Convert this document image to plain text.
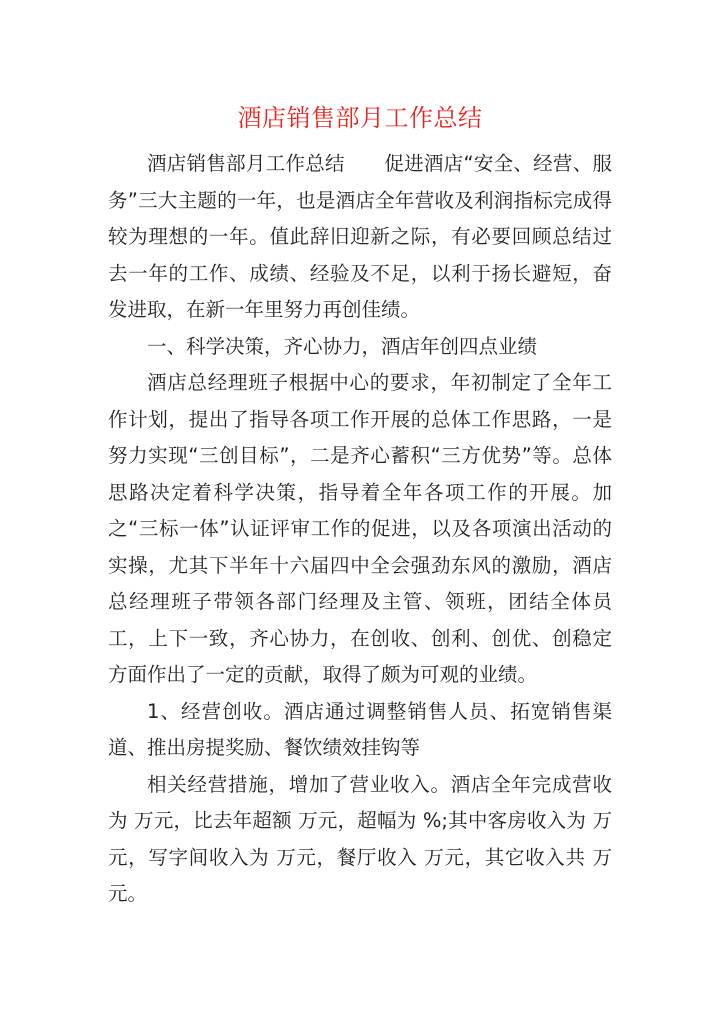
酒店销售部月工作总结

酒店销售部月工作总结　　促进酒店“安全、经营、服务”三大主题的一年，也是酒店全年营收及利润指标完成得较为理想的一年。值此辞旧迎新之际，有必要回顾总结过去一年的工作、成绩、经验及不足，以利于扬长避短，奋发进取，在新一年里努力再创佳绩。

一、科学决策，齐心协力，酒店年创四点业绩

酒店总经理班子根据中心的要求，年初制定了全年工作计划，提出了指导各项工作开展的总体工作思路，一是努力实现“三创目标”，二是齐心蓄积“三方优势”等。总体思路决定着科学决策，指导着全年各项工作的开展。加之“三标一体”认证评审工作的促进，以及各项演出活动的实操，尤其下半年十六届四中全会强劲东风的激励，酒店总经理班子带领各部门经理及主管、领班，团结全体员工，上下一致，齐心协力，在创收、创利、创优、创稳定方面作出了一定的贡献，取得了颇为可观的业绩。

1、经营创收。酒店通过调整销售人员、拓宽销售渠道、推出房提奖励、餐饮绩效挂钩等

相关经营措施，增加了营业收入。酒店全年完成营收为 万元，比去年超额 万元，超幅为 %;其中客房收入为 万元，写字间收入为 万元，餐厅收入 万元，其它收入共 万元。
